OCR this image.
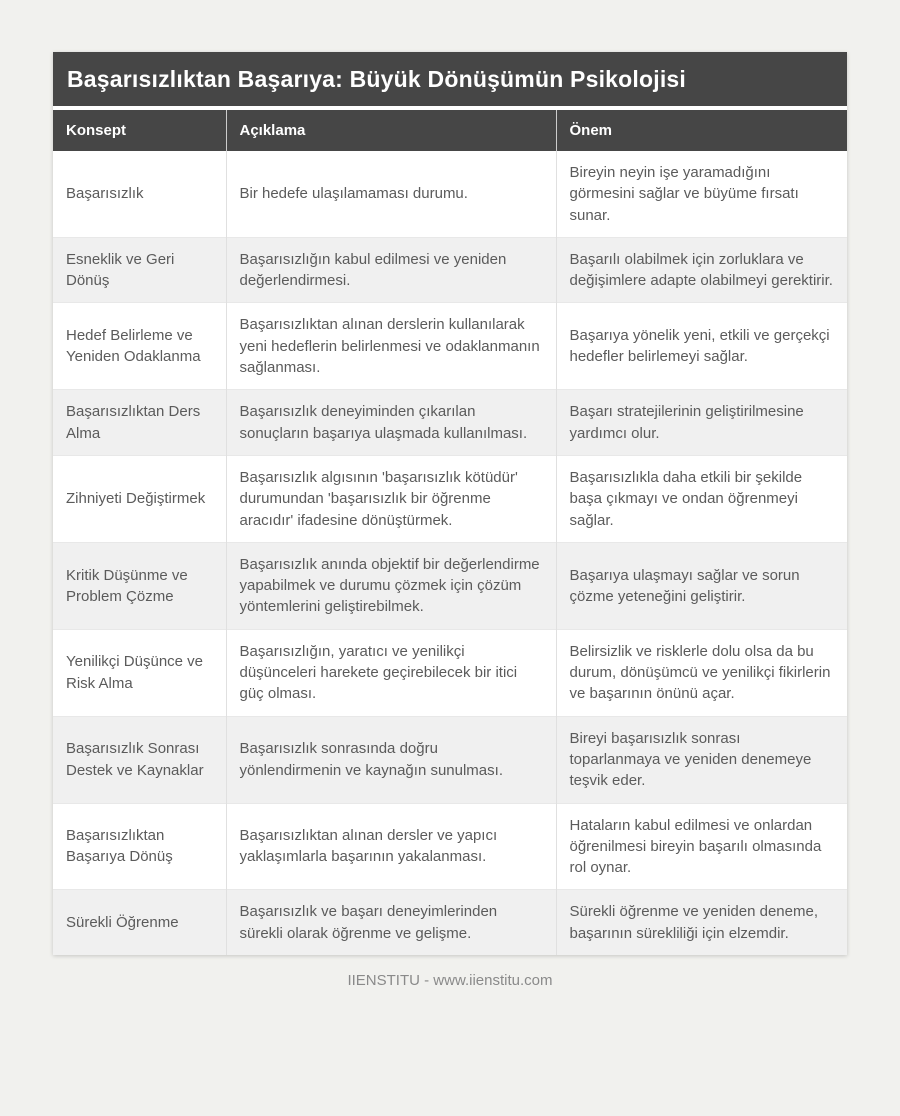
Başarısızlıktan Başarıya: Büyük Dönüşümün Psikolojisi
Konsept	Açıklama	Önem
Başarısızlık	Bir hedefe ulaşılamaması durumu.	Bireyin neyin işe yaramadığını görmesini sağlar ve büyüme fırsatı sunar.
Esneklik ve Geri Dönüş	Başarısızlığın kabul edilmesi ve yeniden değerlendirmesi.	Başarılı olabilmek için zorluklara ve değişimlere adapte olabilmeyi gerektirir.
Hedef Belirleme ve Yeniden Odaklanma	Başarısızlıktan alınan derslerin kullanılarak yeni hedeflerin belirlenmesi ve odaklanmanın sağlanması.	Başarıya yönelik yeni, etkili ve gerçekçi hedefler belirlemeyi sağlar.
Başarısızlıktan Ders Alma	Başarısızlık deneyiminden çıkarılan sonuçların başarıya ulaşmada kullanılması.	Başarı stratejilerinin geliştirilmesine yardımcı olur.
Zihniyeti Değiştirmek	Başarısızlık algısının 'başarısızlık kötüdür' durumundan 'başarısızlık bir öğrenme aracıdır' ifadesine dönüştürmek.	Başarısızlıkla daha etkili bir şekilde başa çıkmayı ve ondan öğrenmeyi sağlar.
Kritik Düşünme ve Problem Çözme	Başarısızlık anında objektif bir değerlendirme yapabilmek ve durumu çözmek için çözüm yöntemlerini geliştirebilmek.	Başarıya ulaşmayı sağlar ve sorun çözme yeteneğini geliştirir.
Yenilikçi Düşünce ve Risk Alma	Başarısızlığın, yaratıcı ve yenilikçi düşünceleri harekete geçirebilecek bir itici güç olması.	Belirsizlik ve risklerle dolu olsa da bu durum, dönüşümcü ve yenilikçi fikirlerin ve başarının önünü açar.
Başarısızlık Sonrası Destek ve Kaynaklar	Başarısızlık sonrasında doğru yönlendirmenin ve kaynağın sunulması.	Bireyi başarısızlık sonrası toparlanmaya ve yeniden denemeye teşvik eder.
Başarısızlıktan Başarıya Dönüş	Başarısızlıktan alınan dersler ve yapıcı yaklaşımlarla başarının yakalanması.	Hataların kabul edilmesi ve onlardan öğrenilmesi bireyin başarılı olmasında rol oynar.
Sürekli Öğrenme	Başarısızlık ve başarı deneyimlerinden sürekli olarak öğrenme ve gelişme.	Sürekli öğrenme ve yeniden deneme, başarının sürekliliği için elzemdir.
IIENSTITU - www.iienstitu.com
